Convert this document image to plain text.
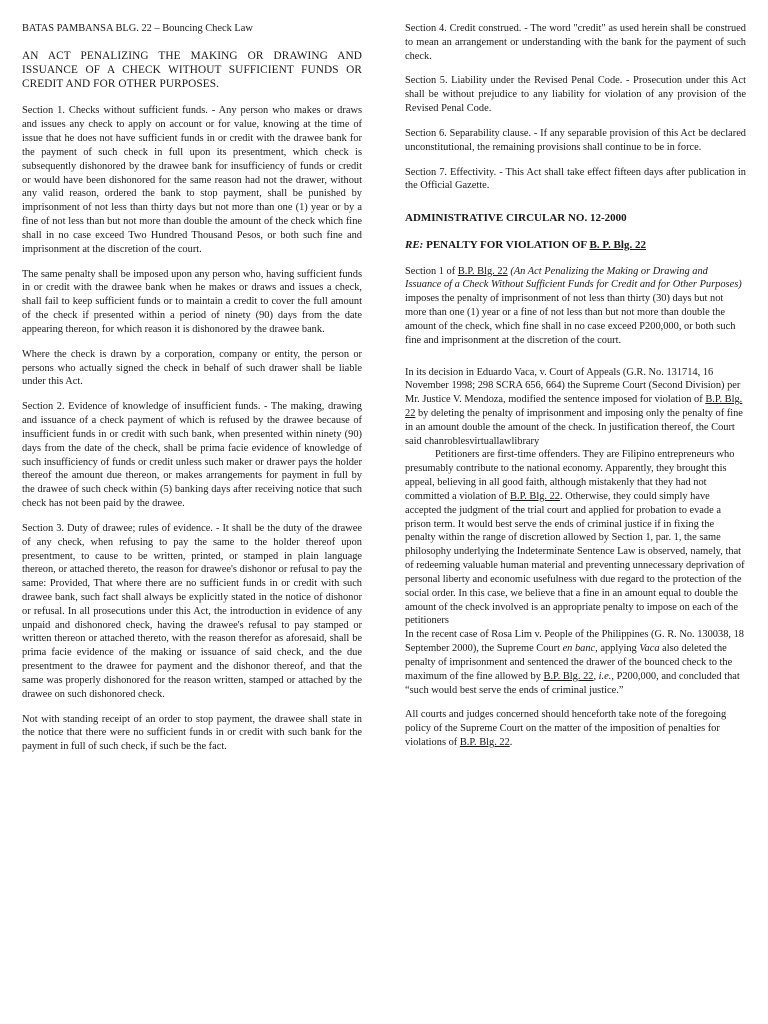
BATAS PAMBANSA BLG. 22 – Bouncing Check Law

AN ACT PENALIZING THE MAKING OR DRAWING AND ISSUANCE OF A CHECK WITHOUT SUFFICIENT FUNDS OR CREDIT AND FOR OTHER PURPOSES.

Section 1. Checks without sufficient funds. - Any person who makes or draws and issues any check to apply on account or for value, knowing at the time of issue that he does not have sufficient funds in or credit with the drawee bank for the payment of such check in full upon its presentment, which check is subsequently dishonored by the drawee bank for insufficiency of funds or credit or would have been dishonored for the same reason had not the drawer, without any valid reason, ordered the bank to stop payment, shall be punished by imprisonment of not less than thirty days but not more than one (1) year or by a fine of not less than but not more than double the amount of the check which fine shall in no case exceed Two Hundred Thousand Pesos, or both such fine and imprisonment at the discretion of the court.

The same penalty shall be imposed upon any person who, having sufficient funds in or credit with the drawee bank when he makes or draws and issues a check, shall fail to keep sufficient funds or to maintain a credit to cover the full amount of the check if presented within a period of ninety (90) days from the date appearing thereon, for which reason it is dishonored by the drawee bank.

Where the check is drawn by a corporation, company or entity, the person or persons who actually signed the check in behalf of such drawer shall be liable under this Act.

Section 2. Evidence of knowledge of insufficient funds. - The making, drawing and issuance of a check payment of which is refused by the drawee because of insufficient funds in or credit with such bank, when presented within ninety (90) days from the date of the check, shall be prima facie evidence of knowledge of such insufficiency of funds or credit unless such maker or drawer pays the holder thereof the amount due thereon, or makes arrangements for payment in full by the drawee of such check within (5) banking days after receiving notice that such check has not been paid by the drawee.

Section 3. Duty of drawee; rules of evidence. - It shall be the duty of the drawee of any check, when refusing to pay the same to the holder thereof upon presentment, to cause to be written, printed, or stamped in plain language thereon, or attached thereto, the reason for drawee's dishonor or refusal to pay the same: Provided, That where there are no sufficient funds in or credit with such drawee bank, such fact shall always be explicitly stated in the notice of dishonor or refusal. In all prosecutions under this Act, the introduction in evidence of any unpaid and dishonored check, having the drawee's refusal to pay stamped or written thereon or attached thereto, with the reason therefor as aforesaid, shall be prima facie evidence of the making or issuance of said check, and the due presentment to the drawee for payment and the dishonor thereof, and that the same was properly dishonored for the reason written, stamped or attached by the drawee on such dishonored check.

Not with standing receipt of an order to stop payment, the drawee shall state in the notice that there were no sufficient funds in or credit with such bank for the payment in full of such check, if such be the fact.

Section 4. Credit construed. - The word "credit" as used herein shall be construed to mean an arrangement or understanding with the bank for the payment of such check.

Section 5. Liability under the Revised Penal Code. - Prosecution under this Act shall be without prejudice to any liability for violation of any provision of the Revised Penal Code.

Section 6. Separability clause. - If any separable provision of this Act be declared unconstitutional, the remaining provisions shall continue to be in force.

Section 7. Effectivity. - This Act shall take effect fifteen days after publication in the Official Gazette.

ADMINISTRATIVE CIRCULAR NO. 12-2000

RE: PENALTY FOR VIOLATION OF B. P. Blg. 22

Section 1 of B.P. Blg. 22 (An Act Penalizing the Making or Drawing and Issuance of a Check Without Sufficient Funds for Credit and for Other Purposes) imposes the penalty of imprisonment of not less than thirty (30) days but not more than one (1) year or a fine of not less than but not more than double the amount of the check, which fine shall in no case exceed P200,000, or both such fine and imprisonment at the discretion of the court.

In its decision in Eduardo Vaca, v. Court of Appeals (G.R. No. 131714, 16 November 1998; 298 SCRA 656, 664) the Supreme Court (Second Division) per Mr. Justice V. Mendoza, modified the sentence imposed for violation of B.P. Blg. 22 by deleting the penalty of imprisonment and imposing only the penalty of fine in an amount double the amount of the check. In justification thereof, the Court said chanroblesvirtuallawlibrary

Petitioners are first-time offenders. They are Filipino entrepreneurs who presumably contribute to the national economy. Apparently, they brought this appeal, believing in all good faith, although mistakenly that they had not committed a violation of B.P. Blg. 22. Otherwise, they could simply have accepted the judgment of the trial court and applied for probation to evade a prison term. It would best serve the ends of criminal justice if in fixing the penalty within the range of discretion allowed by Section 1, par. 1, the same philosophy underlying the Indeterminate Sentence Law is observed, namely, that of redeeming valuable human material and preventing unnecessary deprivation of personal liberty and economic usefulness with due regard to the protection of the social order. In this case, we believe that a fine in an amount equal to double the amount of the check involved is an appropriate penalty to impose on each of the petitioners

In the recent case of Rosa Lim v. People of the Philippines (G. R. No. 130038, 18 September 2000), the Supreme Court en banc, applying Vaca also deleted the penalty of imprisonment and sentenced the drawer of the bounced check to the maximum of the fine allowed by B.P. Blg. 22, i.e., P200,000, and concluded that “such would best serve the ends of criminal justice.”

All courts and judges concerned should henceforth take note of the foregoing policy of the Supreme Court on the matter of the imposition of penalties for violations of B.P. Blg. 22.
